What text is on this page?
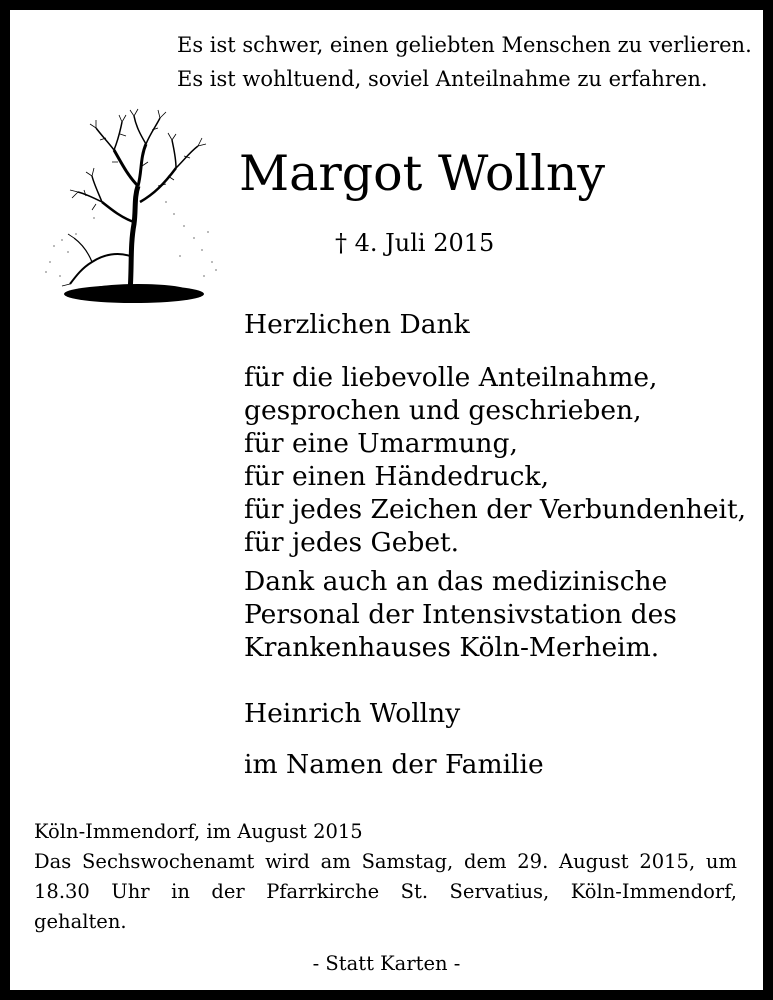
Es ist schwer, einen geliebten Menschen zu verlieren.
Es ist wohltuend, soviel Anteilnahme zu erfahren.
Margot Wollny
† 4. Juli 2015
Herzlichen Dank
für die liebevolle Anteilnahme,
gesprochen und geschrieben,
für eine Umarmung,
für einen Händedruck,
für jedes Zeichen der Verbundenheit,
für jedes Gebet.
Dank auch an das medizinische
Personal der Intensivstation des
Krankenhauses Köln-Merheim.
Heinrich Wollny
im Namen der Familie
Köln-Immendorf, im August 2015
Das Sechswochenamt wird am Samstag, dem 29. August 2015, um
18.30 Uhr in der Pfarrkirche St. Servatius, Köln-Immendorf,
gehalten.
- Statt Karten -
